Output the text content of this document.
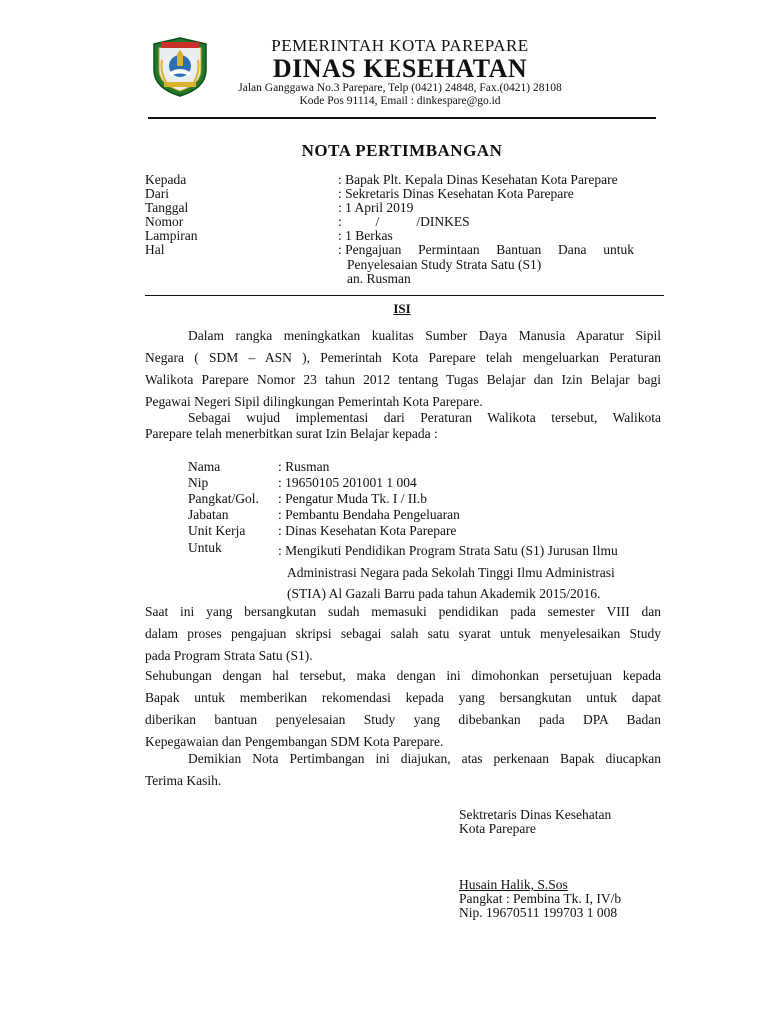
PEMERINTAH KOTA PAREPARE
DINAS KESEHATAN
Jalan Ganggawa No.3 Parepare, Telp (0421) 24848, Fax.(0421) 28108
Kode Pos 91114, Email : dinkespare@go.id
NOTA PERTIMBANGAN
Kepada	: Bapak Plt. Kepala Dinas Kesehatan Kota Parepare
Dari	: Sekretaris Dinas Kesehatan Kota Parepare
Tanggal	: 1 April 2019
Nomor	:          /           /DINKES
Lampiran	: 1 Berkas
Hal	: Pengajuan Permintaan Bantuan Dana untuk
Penyelesaian Study Strata Satu (S1)
an. Rusman
ISI
Dalam rangka meningkatkan kualitas Sumber Daya Manusia Aparatur Sipil
Negara ( SDM – ASN ), Pemerintah Kota Parepare telah mengeluarkan Peraturan
Walikota Parepare Nomor 23 tahun 2012 tentang Tugas Belajar dan Izin Belajar bagi
Pegawai Negeri Sipil dilingkungan Pemerintah Kota Parepare.
Sebagai wujud implementasi dari Peraturan Walikota tersebut, Walikota
Parepare telah menerbitkan surat Izin Belajar kepada :
Nama	: Rusman
Nip	: 19650105 201001 1 004
Pangkat/Gol. : Pengatur Muda Tk. I / II.b
Jabatan	: Pembantu Bendaha Pengeluaran
Unit Kerja : Dinas Kesehatan Kota Parepare
Untuk	: Mengikuti Pendidikan Program Strata Satu (S1) Jurusan Ilmu
Administrasi Negara pada Sekolah Tinggi Ilmu Administrasi
(STIA) Al Gazali Barru pada tahun Akademik 2015/2016.
Saat ini yang bersangkutan sudah memasuki pendidikan pada semester VIII dan
dalam proses pengajuan skripsi sebagai salah satu syarat untuk menyelesaikan Study
pada Program Strata Satu (S1).
Sehubungan dengan hal tersebut, maka dengan ini dimohonkan persetujuan kepada
Bapak untuk memberikan rekomendasi kepada yang bersangkutan untuk dapat
diberikan bantuan penyelesaian Study yang dibebankan pada DPA Badan
Kepegawaian dan Pengembangan SDM Kota Parepare.
Demikian Nota Pertimbangan ini diajukan, atas perkenaan Bapak diucapkan
Terima Kasih.
Sektretaris Dinas Kesehatan
Kota Parepare
Husain Halik, S.Sos
Pangkat : Pembina Tk. I, IV/b
Nip. 19670511 199703 1 008
